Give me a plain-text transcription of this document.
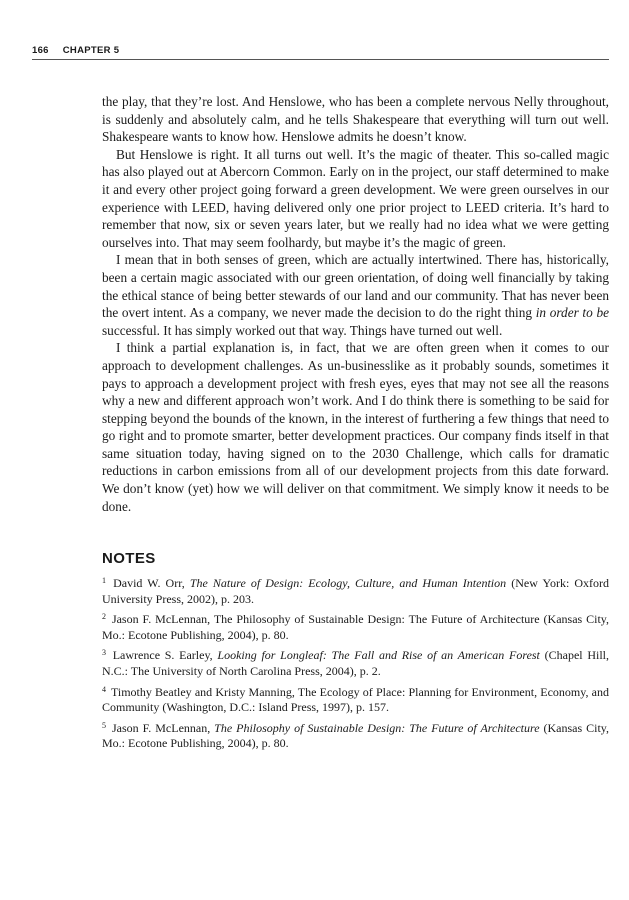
166 CHAPTER 5

the play, that they’re lost. And Henslowe, who has been a complete nervous Nelly throughout, is suddenly and absolutely calm, and he tells Shakespeare that everything will turn out well. Shakespeare wants to know how. Henslowe admits he doesn’t know.

But Henslowe is right. It all turns out well. It’s the magic of theater. This so-called magic has also played out at Abercorn Common. Early on in the project, our staff determined to make it and every other project going forward a green development. We were green ourselves in our experience with LEED, having delivered only one prior project to LEED criteria. It’s hard to remember that now, six or seven years later, but we really had no idea what we were getting ourselves into. That may seem foolhardy, but maybe it’s the magic of green.

I mean that in both senses of green, which are actually intertwined. There has, historically, been a certain magic associated with our green orientation, of doing well financially by taking the ethical stance of being better stewards of our land and our community. That has never been the overt intent. As a company, we never made the decision to do the right thing in order to be successful. It has simply worked out that way. Things have turned out well.

I think a partial explanation is, in fact, that we are often green when it comes to our approach to development challenges. As un-businesslike as it probably sounds, sometimes it pays to approach a development project with fresh eyes, eyes that may not see all the reasons why a new and different approach won’t work. And I do think there is something to be said for stepping beyond the bounds of the known, in the interest of furthering a few things that need to go right and to promote smarter, better development practices. Our company finds itself in that same situation today, having signed on to the 2030 Challenge, which calls for dramatic reductions in carbon emissions from all of our development projects from this date forward. We don’t know (yet) how we will deliver on that commitment. We simply know it needs to be done.

NOTES

$^1$ David W. Orr, The Nature of Design: Ecology, Culture, and Human Intention (New York: Oxford University Press, 2002), p. 203.

$^2$ Jason F. McLennan, The Philosophy of Sustainable Design: The Future of Architecture (Kansas City, Mo.: Ecotone Publishing, 2004), p. 80.

$^3$ Lawrence S. Earley, Looking for Longleaf: The Fall and Rise of an American Forest (Chapel Hill, N.C.: The University of North Carolina Press, 2004), p. 2.

$^4$ Timothy Beatley and Kristy Manning, The Ecology of Place: Planning for Environment, Economy, and Community (Washington, D.C.: Island Press, 1997), p. 157.

$^5$ Jason F. McLennan, The Philosophy of Sustainable Design: The Future of Architecture (Kansas City, Mo.: Ecotone Publishing, 2004), p. 80.
